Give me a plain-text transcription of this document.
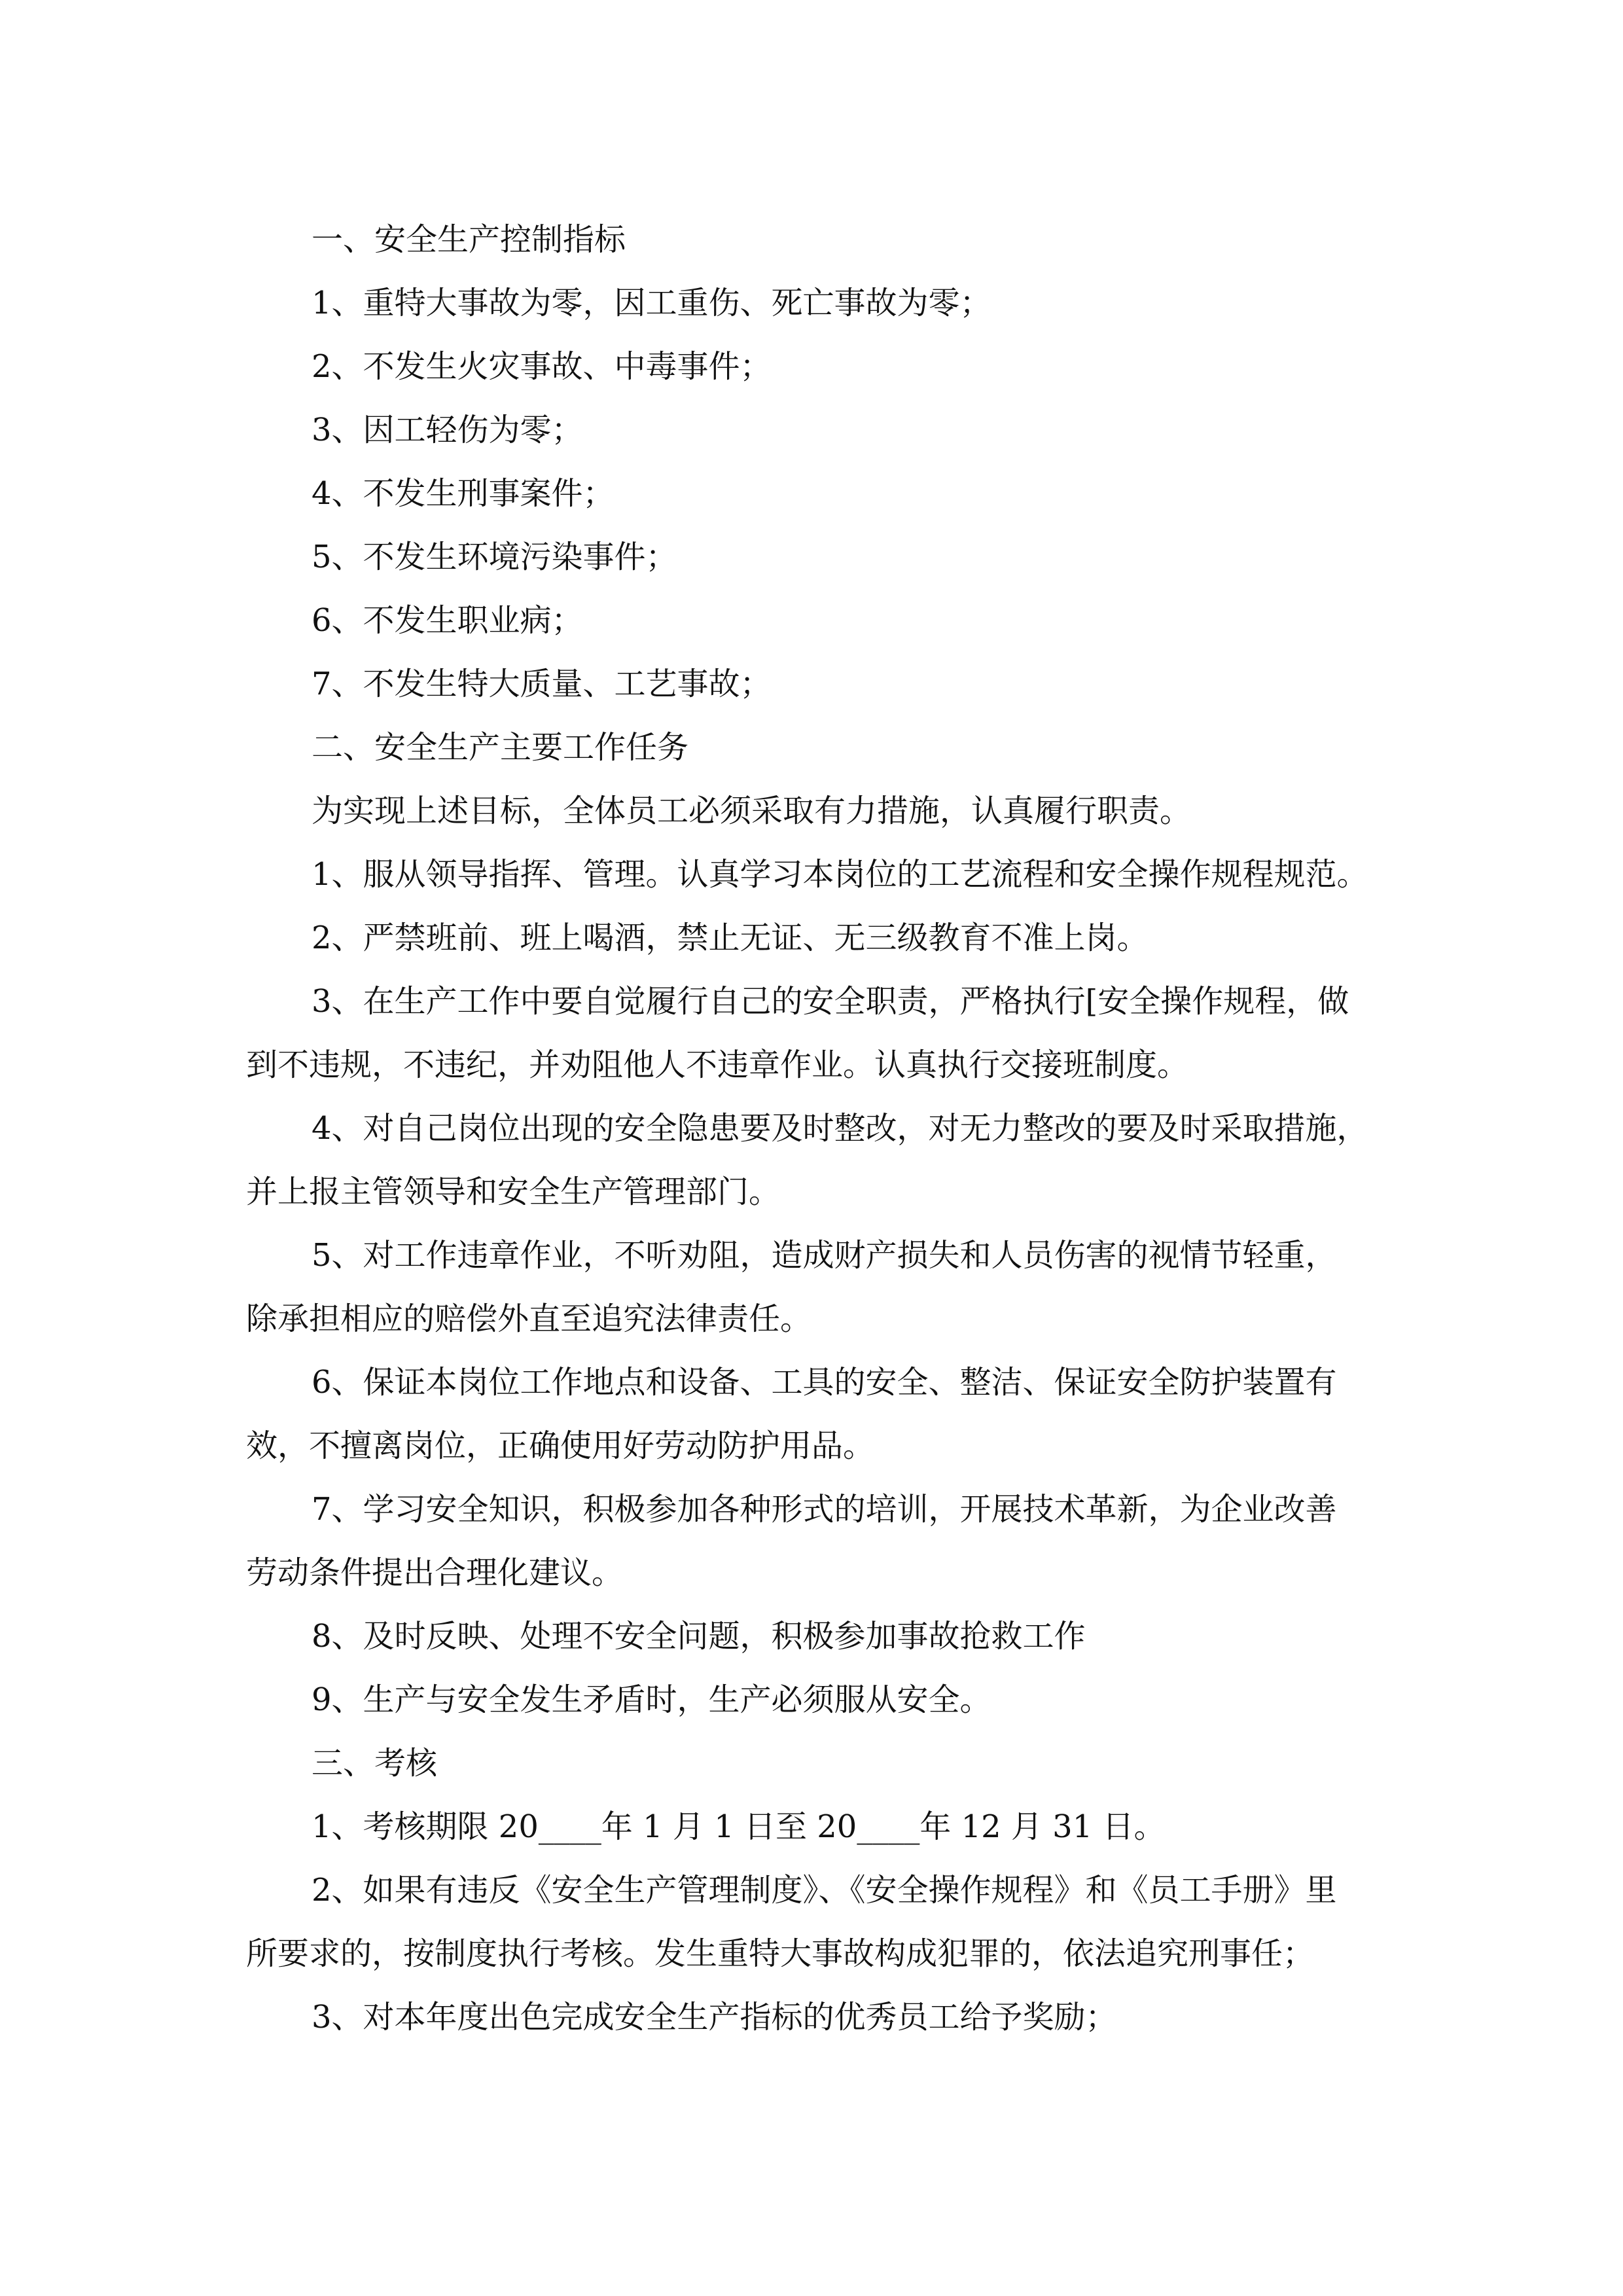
一、安全生产控制指标
1、重特大事故为零，因工重伤、死亡事故为零；
2、不发生火灾事故、中毒事件；
3、因工轻伤为零；
4、不发生刑事案件；
5、不发生环境污染事件；
6、不发生职业病；
7、不发生特大质量、工艺事故；
二、安全生产主要工作任务
为实现上述目标，全体员工必须采取有力措施，认真履行职责。
1、服从领导指挥、管理。认真学习本岗位的工艺流程和安全操作规程规范。
2、严禁班前、班上喝酒，禁止无证、无三级教育不准上岗。
3、在生产工作中要自觉履行自己的安全职责，严格执行[安全操作规程，做
到不违规，不违纪，并劝阻他人不违章作业。认真执行交接班制度。
4、对自己岗位出现的安全隐患要及时整改，对无力整改的要及时采取措施，
并上报主管领导和安全生产管理部门。
5、对工作违章作业，不听劝阻，造成财产损失和人员伤害的视情节轻重，
除承担相应的赔偿外直至追究法律责任。
6、保证本岗位工作地点和设备、工具的安全、整洁、保证安全防护装置有
效，不擅离岗位，正确使用好劳动防护用品。
7、学习安全知识，积极参加各种形式的培训，开展技术革新，为企业改善
劳动条件提出合理化建议。
8、及时反映、处理不安全问题，积极参加事故抢救工作
9、生产与安全发生矛盾时，生产必须服从安全。
三、考核
1、考核期限 20____年 1 月 1 日至 20____年 12 月 31 日。
2、如果有违反《安全生产管理制度》、《安全操作规程》和《员工手册》里
所要求的，按制度执行考核。发生重特大事故构成犯罪的，依法追究刑事任；
3、对本年度出色完成安全生产指标的优秀员工给予奖励；
